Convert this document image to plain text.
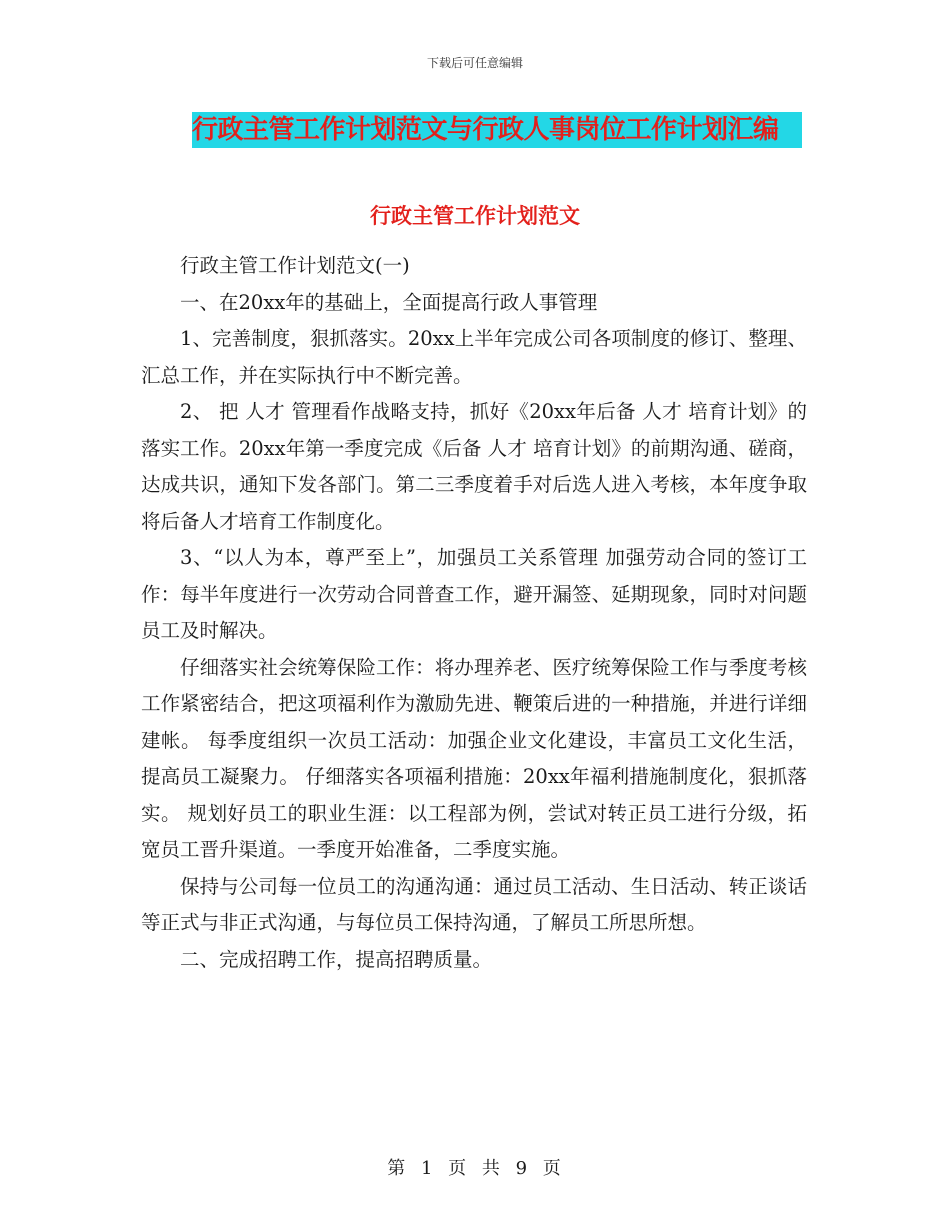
下载后可任意编辑
行政主管工作计划范文与行政人事岗位工作计划汇编
行政主管工作计划范文

行政主管工作计划范文(一)

一、在20xx年的基础上，全面提高行政人事管理

1、完善制度，狠抓落实。20xx上半年完成公司各项制度的修订、整理、汇总工作，并在实际执行中不断完善。

2、 把 人才 管理看作战略支持，抓好《20xx年后备 人才 培育计划》的落实工作。20xx年第一季度完成《后备 人才 培育计划》的前期沟通、磋商，达成共识，通知下发各部门。第二三季度着手对后选人进入考核，本年度争取将后备人才培育工作制度化。

3、“以人为本，尊严至上”，加强员工关系管理 加强劳动合同的签订工作：每半年度进行一次劳动合同普查工作，避开漏签、延期现象，同时对问题员工及时解决。

仔细落实社会统筹保险工作：将办理养老、医疗统筹保险工作与季度考核工作紧密结合，把这项福利作为激励先进、鞭策后进的一种措施，并进行详细建帐。 每季度组织一次员工活动：加强企业文化建设，丰富员工文化生活，提高员工凝聚力。 仔细落实各项福利措施：20xx年福利措施制度化，狠抓落实。 规划好员工的职业生涯：以工程部为例，尝试对转正员工进行分级，拓宽员工晋升渠道。一季度开始准备，二季度实施。

保持与公司每一位员工的沟通沟通：通过员工活动、生日活动、转正谈话等正式与非正式沟通，与每位员工保持沟通，了解员工所思所想。

二、完成招聘工作，提高招聘质量。

第 1 页 共 9 页
